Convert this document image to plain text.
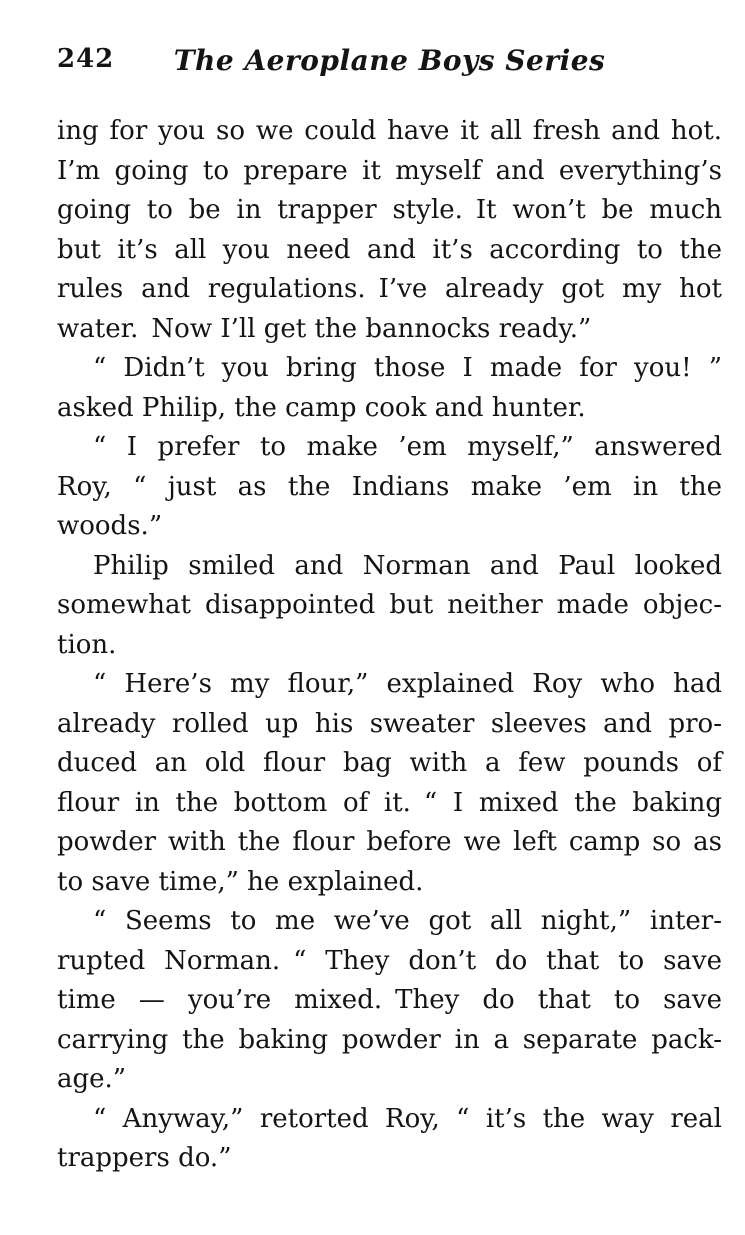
242	The Aeroplane Boys Series
ing for you so we could have it all fresh and hot.
I’m going to prepare it myself and everything’s
going to be in trapper style. It won’t be much
but it’s all you need and it’s according to the
rules and regulations. I’ve already got my hot
water. Now I’ll get the bannocks ready.”
“ Didn’t you bring those I made for you! ”
asked Philip, the camp cook and hunter.
“ I prefer to make ’em myself,” answered
Roy, “ just as the Indians make ’em in the
woods.”
Philip smiled and Norman and Paul looked
somewhat disappointed but neither made objec-
tion.
“ Here’s my flour,” explained Roy who had
already rolled up his sweater sleeves and pro-
duced an old flour bag with a few pounds of
flour in the bottom of it. “ I mixed the baking
powder with the flour before we left camp so as
to save time,” he explained.
“ Seems to me we’ve got all night,” inter-
rupted Norman. “ They don’t do that to save
time — you’re mixed. They do that to save
carrying the baking powder in a separate pack-
age.”
“ Anyway,” retorted Roy, “ it’s the way real
trappers do.”
